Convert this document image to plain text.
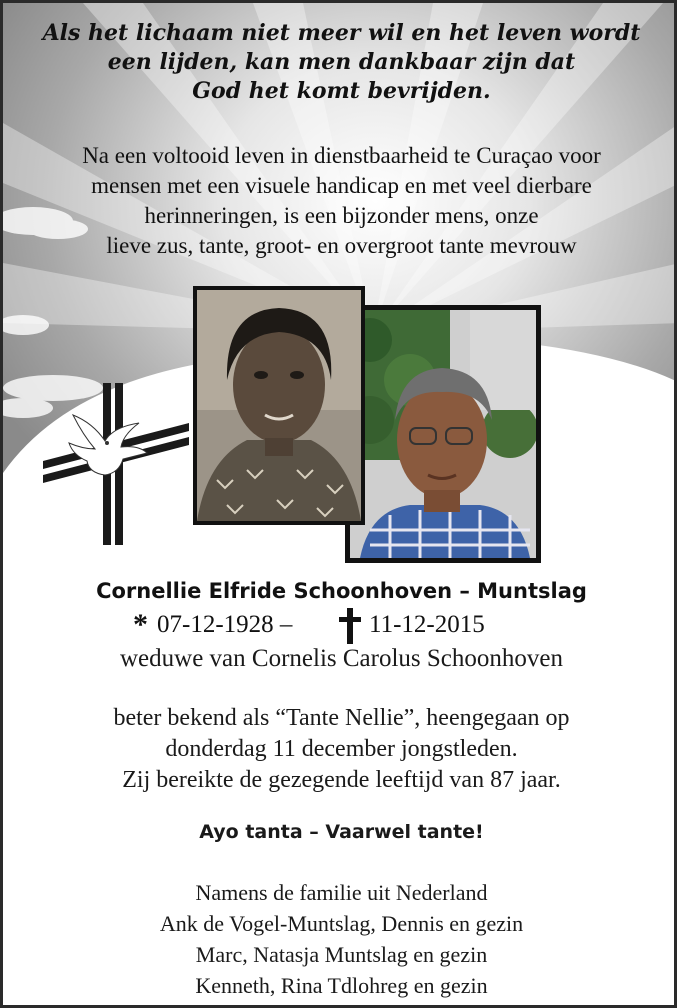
Als het lichaam niet meer wil en het leven wordt
een lijden, kan men dankbaar zijn dat
God het komt bevrijden.
Na een voltooid leven in dienstbaarheid te Curaçao voor
mensen met een visuele handicap en met veel dierbare
herinneringen, is een bijzonder mens, onze
lieve zus, tante, groot- en overgroot tante mevrouw
Cornellie Elfride Schoonhoven – Muntslag
* 07-12-1928 –	11-12-2015
weduwe van Cornelis Carolus Schoonhoven
beter bekend als “Tante Nellie”, heengegaan op
donderdag 11 december jongstleden.
Zij bereikte de gezegende leeftijd van 87 jaar.
Ayo tanta – Vaarwel tante!
Namens de familie uit Nederland
Ank de Vogel-Muntslag, Dennis en gezin
Marc, Natasja Muntslag en gezin
Kenneth, Rina Tdlohreg en gezin
